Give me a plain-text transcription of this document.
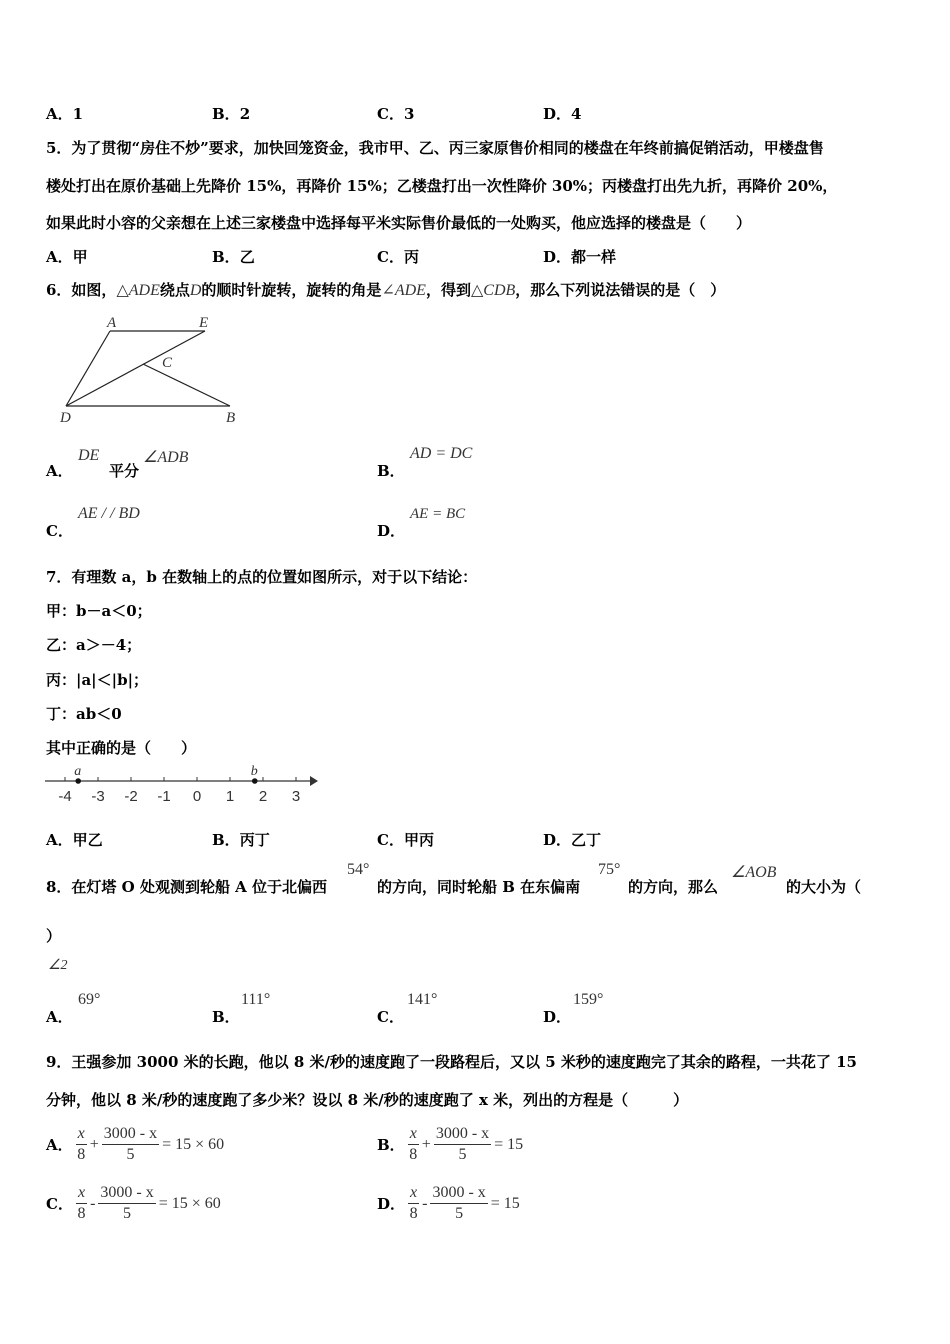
A．1	B．2	C．3	D．4
5．为了贯彻“房住不炒”要求，加快回笼资金，我市甲、乙、丙三家原售价相同的楼盘在年终前搞促销活动，甲楼盘售
楼处打出在原价基础上先降价 15%，再降价 15%；乙楼盘打出一次性降价 30%；丙楼盘打出先九折，再降价 20%，
如果此时小容的父亲想在上述三家楼盘中选择每平米实际售价最低的一处购买，他应选择的楼盘是（　　）
A．甲	B．乙	C．丙	D．都一样
6．如图，△ADE绕点D的顺时针旋转，旋转的角是∠ADE，得到△CDB，那么下列说法错误的是（　）
A	E
C
D	B
A．
DE
平分
∠ADB
B．
AD = DC
C．
AE / / BD
D．
AE = BC
7．有理数 a，b 在数轴上的点的位置如图所示，对于以下结论：
甲：b－a＜0；
乙：a＞－4；
丙：|a|＜|b|；
丁：ab＜0
其中正确的是（　　）
-4 -3 -2 -1 0 1 2 3
a	b
A．甲乙	B．丙丁	C．甲丙	D．乙丁
8．在灯塔 O 处观测到轮船 A 位于北偏西
54°
的方向，同时轮船 B 在东偏南
75°
的方向，那么
∠AOB
的大小为（
）
∠2
A．
69°
B．
111°
C．
141°
D．
159°
9．王强参加 3000 米的长跑，他以 8 米/秒的速度跑了一段路程后，又以 5 米秒的速度跑完了其余的路程，一共花了 15
分钟，他以 8 米/秒的速度跑了多少米？设以 8 米/秒的速度跑了 x 米，列出的方程是（　　　）
A． $\frac{x}{8} + \frac{3000 - x}{5} = 15 \times 60$	B． $\frac{x}{8} + \frac{3000 - x}{5} = 15$
C． $\frac{x}{8} - \frac{3000 - x}{5} = 15 \times 60$	D． $\frac{x}{8} - \frac{3000 - x}{5} = 15$
